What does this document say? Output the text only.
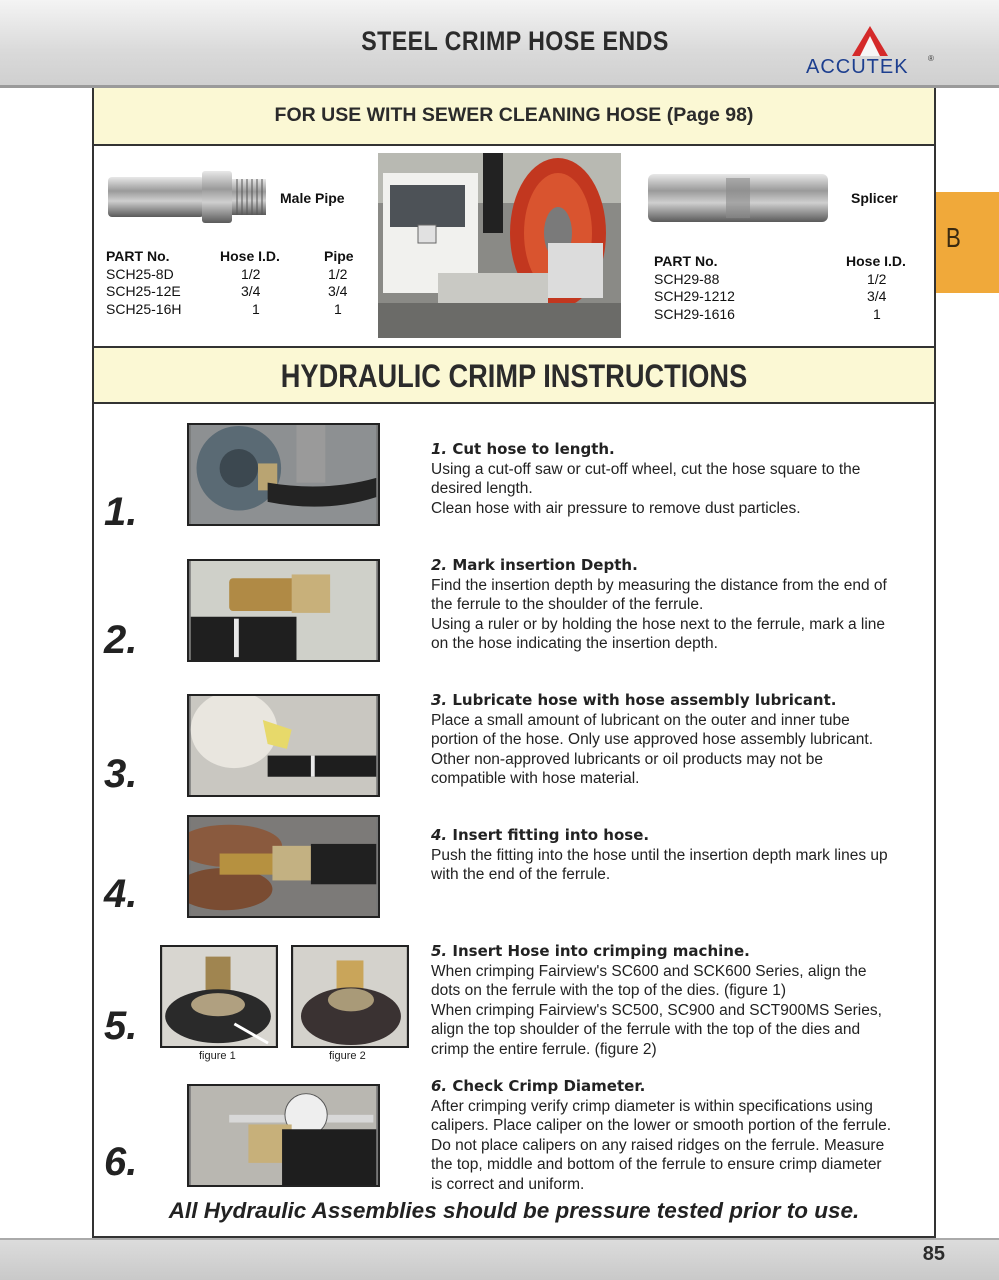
STEEL CRIMP HOSE ENDS
ACCUTEK ®
B
FOR USE WITH SEWER CLEANING HOSE (Page 98)
Male Pipe
PART No.	Hose I.D.	Pipe
SCH25-8D	1/2	1/2
SCH25-12E	3/4	3/4
SCH25-16H	1	1
Splicer
PART No.	Hose I.D.
SCH29-88	1/2
SCH29-1212	3/4
SCH29-1616	1
HYDRAULIC CRIMP INSTRUCTIONS
1.
1. Cut hose to length.
Using a cut-off saw or cut-off wheel, cut the hose square to the
desired length.
Clean hose with air pressure to remove dust particles.
2.
2. Mark insertion Depth.
Find the insertion depth by measuring the distance from the end of
the ferrule to the shoulder of the ferrule.
Using a ruler or by holding the hose next to the ferrule, mark a line
on the hose indicating the insertion depth.
3.
3. Lubricate hose with hose assembly lubricant.
Place a small amount of lubricant on the outer and inner tube
portion of the hose. Only use approved hose assembly lubricant.
Other non-approved lubricants or oil products may not be
compatible with hose material.
4.
4. Insert fitting into hose.
Push the fitting into the hose until the insertion depth mark lines up
with the end of the ferrule.
figure 1	figure 2
5.
5. Insert Hose into crimping machine.
When crimping Fairview's SC600 and SCK600 Series, align the
dots on the ferrule with the top of the dies. (figure 1)
When crimping Fairview's SC500, SC900 and SCT900MS Series,
align the top shoulder of the ferrule with the top of the dies and
crimp the entire ferrule. (figure 2)
6.
6. Check Crimp Diameter.
After crimping verify crimp diameter is within specifications using
calipers. Place caliper on the lower or smooth portion of the ferrule.
Do not place calipers on any raised ridges on the ferrule. Measure
the top, middle and bottom of the ferrule to ensure crimp diameter
is correct and uniform.
All Hydraulic Assemblies should be pressure tested prior to use.
85
